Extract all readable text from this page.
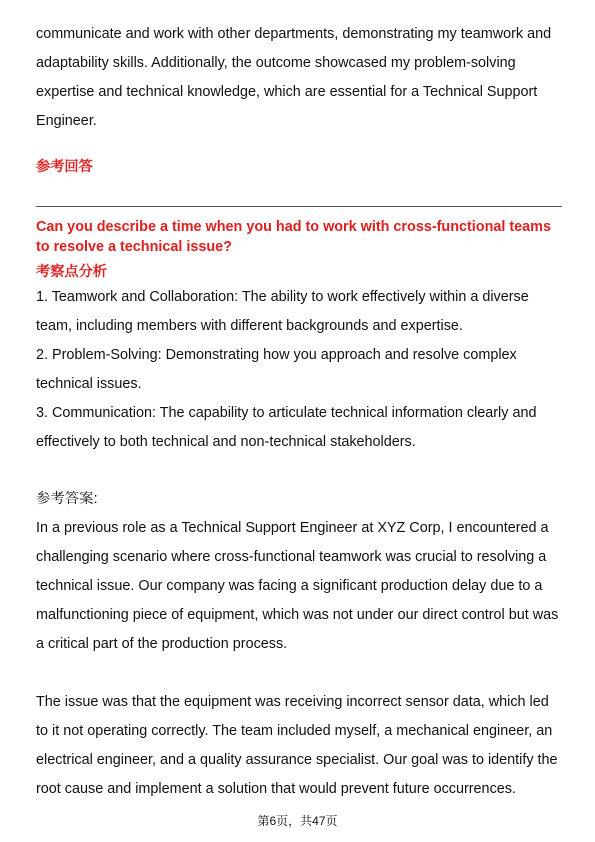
communicate and work with other departments, demonstrating my teamwork and adaptability skills. Additionally, the outcome showcased my problem-solving expertise and technical knowledge, which are essential for a Technical Support Engineer.

参考回答

Can you describe a time when you had to work with cross-functional teams to resolve a technical issue?

考察点分析

1. Teamwork and Collaboration: The ability to work effectively within a diverse team, including members with different backgrounds and expertise.

2. Problem-Solving: Demonstrating how you approach and resolve complex technical issues.

3. Communication: The capability to articulate technical information clearly and effectively to both technical and non-technical stakeholders.

参考答案:

In a previous role as a Technical Support Engineer at XYZ Corp, I encountered a challenging scenario where cross-functional teamwork was crucial to resolving a technical issue. Our company was facing a significant production delay due to a malfunctioning piece of equipment, which was not under our direct control but was a critical part of the production process.

The issue was that the equipment was receiving incorrect sensor data, which led to it not operating correctly. The team included myself, a mechanical engineer, an electrical engineer, and a quality assurance specialist. Our goal was to identify the root cause and implement a solution that would prevent future occurrences.

第6页，共47页
